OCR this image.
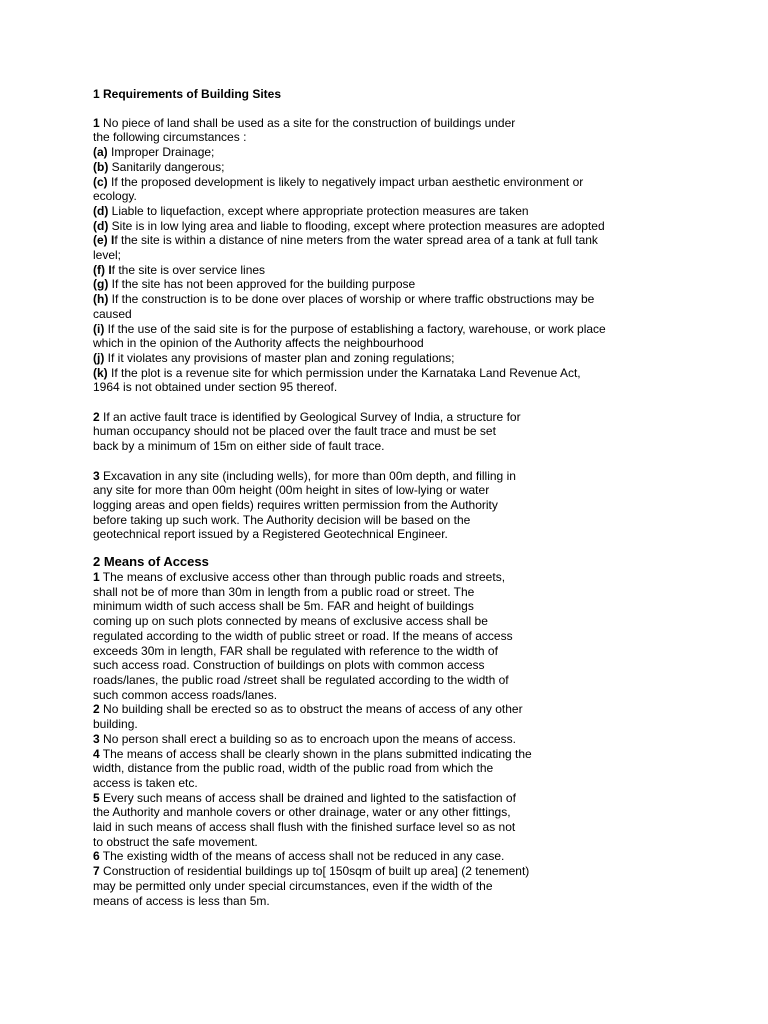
1 Requirements of Building Sites
1 No piece of land shall be used as a site for the construction of buildings under
the following circumstances :
(a) Improper Drainage;
(b) Sanitarily dangerous;
(c) If the proposed development is likely to negatively impact urban aesthetic environment or
ecology.
(d) Liable to liquefaction, except where appropriate protection measures are taken
(d) Site is in low lying area and liable to flooding, except where protection measures are adopted
(e) If the site is within a distance of nine meters from the water spread area of a tank at full tank
level;
(f) If the site is over service lines
(g) If the site has not been approved for the building purpose
(h) If the construction is to be done over places of worship or where traffic obstructions may be
caused
(i) If the use of the said site is for the purpose of establishing a factory, warehouse, or work place
which in the opinion of the Authority affects the neighbourhood
(j) If it violates any provisions of master plan and zoning regulations;
(k) If the plot is a revenue site for which permission under the Karnataka Land Revenue Act,
1964 is not obtained under section 95 thereof.
2 If an active fault trace is identified by Geological Survey of India, a structure for
human occupancy should not be placed over the fault trace and must be set
back by a minimum of 15m on either side of fault trace.
3 Excavation in any site (including wells), for more than 00m depth, and filling in
any site for more than 00m height (00m height in sites of low-lying or water
logging areas and open fields) requires written permission from the Authority
before taking up such work. The Authority decision will be based on the
geotechnical report issued by a Registered Geotechnical Engineer.
2 Means of Access
1 The means of exclusive access other than through public roads and streets,
shall not be of more than 30m in length from a public road or street. The
minimum width of such access shall be 5m. FAR and height of buildings
coming up on such plots connected by means of exclusive access shall be
regulated according to the width of public street or road. If the means of access
exceeds 30m in length, FAR shall be regulated with reference to the width of
such access road. Construction of buildings on plots with common access
roads/lanes, the public road /street shall be regulated according to the width of
such common access roads/lanes.
2 No building shall be erected so as to obstruct the means of access of any other
building.
3 No person shall erect a building so as to encroach upon the means of access.
4 The means of access shall be clearly shown in the plans submitted indicating the
width, distance from the public road, width of the public road from which the
access is taken etc.
5 Every such means of access shall be drained and lighted to the satisfaction of
the Authority and manhole covers or other drainage, water or any other fittings,
laid in such means of access shall flush with the finished surface level so as not
to obstruct the safe movement.
6 The existing width of the means of access shall not be reduced in any case.
7 Construction of residential buildings up to[ 150sqm of built up area] (2 tenement)
may be permitted only under special circumstances, even if the width of the
means of access is less than 5m.
